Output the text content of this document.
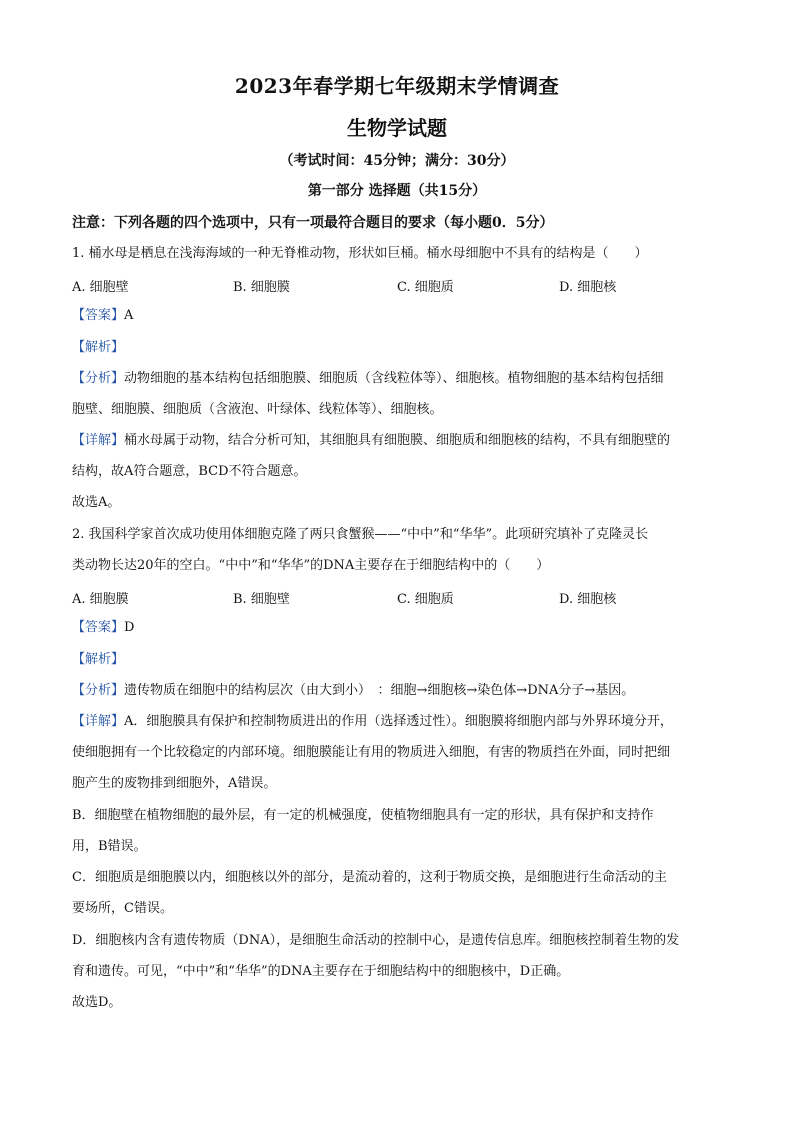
2023年春学期七年级期末学情调查
生物学试题
（考试时间：45分钟；满分：30分）
第一部分 选择题（共15分）
注意：下列各题的四个选项中，只有一项最符合题目的要求（每小题0．5分）
1. 桶水母是栖息在浅海海域的一种无脊椎动物，形状如巨桶。桶水母细胞中不具有的结构是（　　）
A. 细胞壁	B. 细胞膜	C. 细胞质	D. 细胞核
【答案】A
【解析】
【分析】动物细胞的基本结构包括细胞膜、细胞质（含线粒体等）、细胞核。植物细胞的基本结构包括细
胞壁、细胞膜、细胞质（含液泡、叶绿体、线粒体等）、细胞核。
【详解】桶水母属于动物，结合分析可知，其细胞具有细胞膜、细胞质和细胞核的结构，不具有细胞壁的
结构，故A符合题意，BCD不符合题意。
故选A。
2. 我国科学家首次成功使用体细胞克隆了两只食蟹猴——“中中”和“华华”。此项研究填补了克隆灵长
类动物长达20年的空白。“中中”和“华华”的DNA主要存在于细胞结构中的（　　）
A. 细胞膜	B. 细胞壁	C. 细胞质	D. 细胞核
【答案】D
【解析】
【分析】遗传物质在细胞中的结构层次（由大到小）　：细胞→细胞核→染色体→DNA分子→基因。
【详解】A．细胞膜具有保护和控制物质进出的作用（选择透过性）。细胞膜将细胞内部与外界环境分开，
使细胞拥有一个比较稳定的内部环境。细胞膜能让有用的物质进入细胞，有害的物质挡在外面，同时把细
胞产生的废物排到细胞外，A错误。
B．细胞壁在植物细胞的最外层，有一定的机械强度，使植物细胞具有一定的形状，具有保护和支持作
用，B错误。
C．细胞质是细胞膜以内，细胞核以外的部分，是流动着的，这利于物质交换，是细胞进行生命活动的主
要场所，C错误。
D．细胞核内含有遗传物质（DNA），是细胞生命活动的控制中心，是遗传信息库。细胞核控制着生物的发
育和遗传。可见，“中中”和“华华”的DNA主要存在于细胞结构中的细胞核中，D正确。
故选D。
